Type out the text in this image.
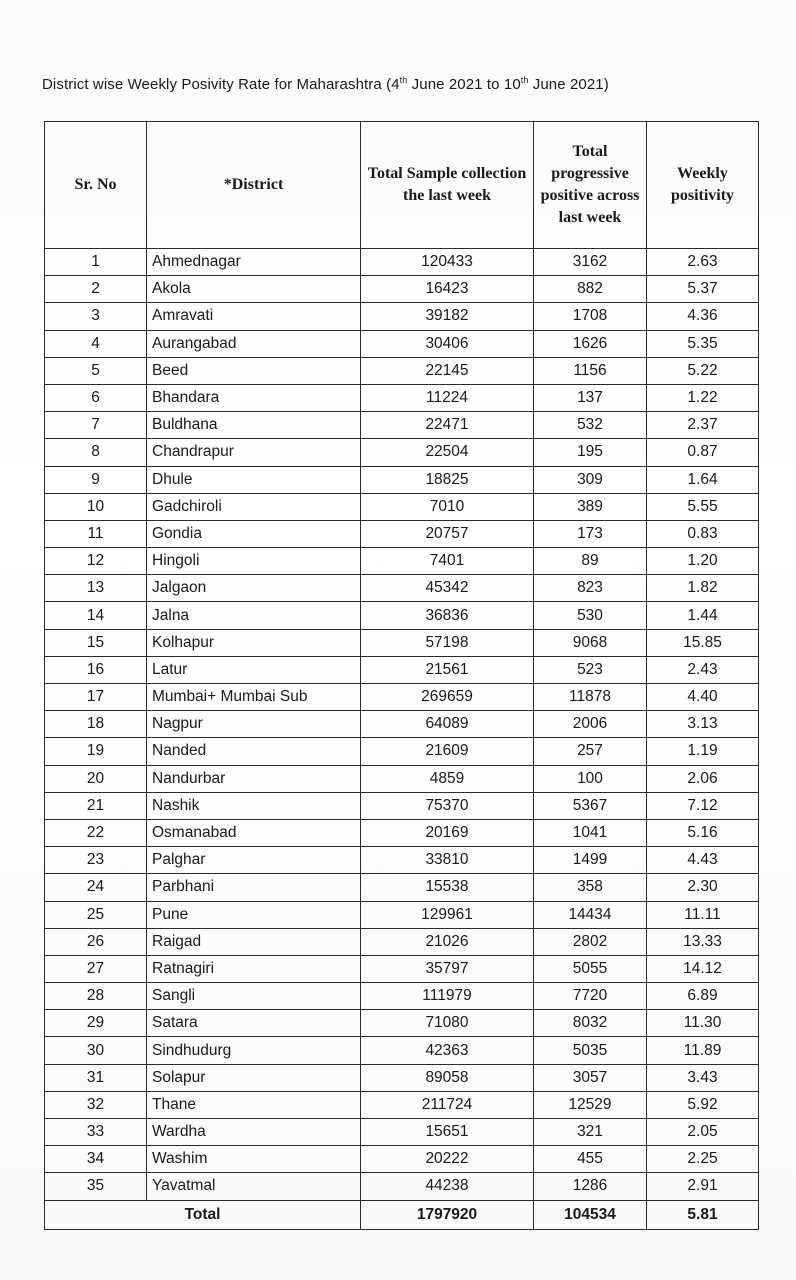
District wise Weekly Posivity Rate for Maharashtra (4th June 2021 to 10th June 2021)
Sr. No	*District	Total Sample collection the last week	Total progressive positive across last week	Weekly positivity
1	Ahmednagar	120433	3162	2.63
2	Akola	16423	882	5.37
3	Amravati	39182	1708	4.36
4	Aurangabad	30406	1626	5.35
5	Beed	22145	1156	5.22
6	Bhandara	11224	137	1.22
7	Buldhana	22471	532	2.37
8	Chandrapur	22504	195	0.87
9	Dhule	18825	309	1.64
10	Gadchiroli	7010	389	5.55
11	Gondia	20757	173	0.83
12	Hingoli	7401	89	1.20
13	Jalgaon	45342	823	1.82
14	Jalna	36836	530	1.44
15	Kolhapur	57198	9068	15.85
16	Latur	21561	523	2.43
17	Mumbai+ Mumbai Sub	269659	11878	4.40
18	Nagpur	64089	2006	3.13
19	Nanded	21609	257	1.19
20	Nandurbar	4859	100	2.06
21	Nashik	75370	5367	7.12
22	Osmanabad	20169	1041	5.16
23	Palghar	33810	1499	4.43
24	Parbhani	15538	358	2.30
25	Pune	129961	14434	11.11
26	Raigad	21026	2802	13.33
27	Ratnagiri	35797	5055	14.12
28	Sangli	111979	7720	6.89
29	Satara	71080	8032	11.30
30	Sindhudurg	42363	5035	11.89
31	Solapur	89058	3057	3.43
32	Thane	211724	12529	5.92
33	Wardha	15651	321	2.05
34	Washim	20222	455	2.25
35	Yavatmal	44238	1286	2.91
Total		1797920	104534	5.81
